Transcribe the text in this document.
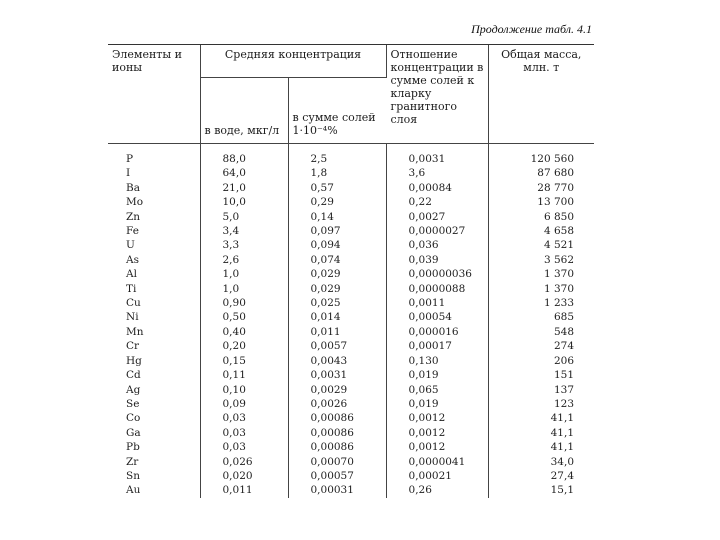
Продолжение табл. 4.1
Элементы и ионы	Средняя концентрация		Отношение концентрации в сумме солей к кларку гранитного слоя	Общая масса, млн. т
	в воде, мкг/л	в сумме солей 1·10⁻⁴%		
P	88,0	2,5	0,0031	120 560
I	64,0	1,8	3,6	87 680
Ba	21,0	0,57	0,00084	28 770
Mo	10,0	0,29	0,22	13 700
Zn	5,0	0,14	0,0027	6 850
Fe	3,4	0,097	0,0000027	4 658
U	3,3	0,094	0,036	4 521
As	2,6	0,074	0,039	3 562
Al	1,0	0,029	0,00000036	1 370
Ti	1,0	0,029	0,0000088	1 370
Cu	0,90	0,025	0,0011	1 233
Ni	0,50	0,014	0,00054	685
Mn	0,40	0,011	0,000016	548
Cr	0,20	0,0057	0,00017	274
Hg	0,15	0,0043	0,130	206
Cd	0,11	0,0031	0,019	151
Ag	0,10	0,0029	0,065	137
Se	0,09	0,0026	0,019	123
Co	0,03	0,00086	0,0012	41,1
Ga	0,03	0,00086	0,0012	41,1
Pb	0,03	0,00086	0,0012	41,1
Zr	0,026	0,00070	0,0000041	34,0
Sn	0,020	0,00057	0,00021	27,4
Au	0,011	0,00031	0,26	15,1
